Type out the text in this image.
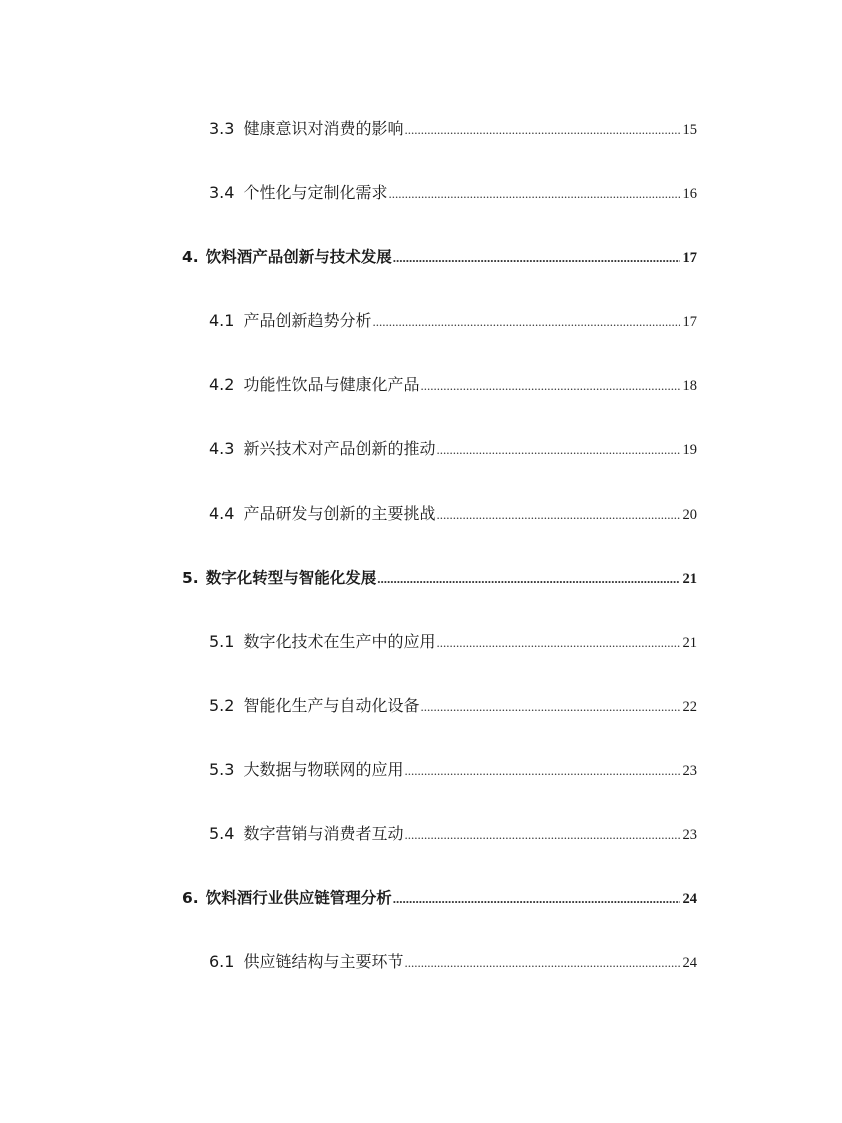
3.3 健康意识对消费的影响 .....	15
3.4 个性化与定制化需求 .....	16
4. 饮料酒产品创新与技术发展 .....	17
4.1 产品创新趋势分析 .....	17
4.2 功能性饮品与健康化产品 .....	18
4.3 新兴技术对产品创新的推动 .....	19
4.4 产品研发与创新的主要挑战 .....	20
5. 数字化转型与智能化发展 .....	21
5.1 数字化技术在生产中的应用 .....	21
5.2 智能化生产与自动化设备 .....	22
5.3 大数据与物联网的应用 .....	23
5.4 数字营销与消费者互动 .....	23
6. 饮料酒行业供应链管理分析 .....	24
6.1 供应链结构与主要环节 .....	24
